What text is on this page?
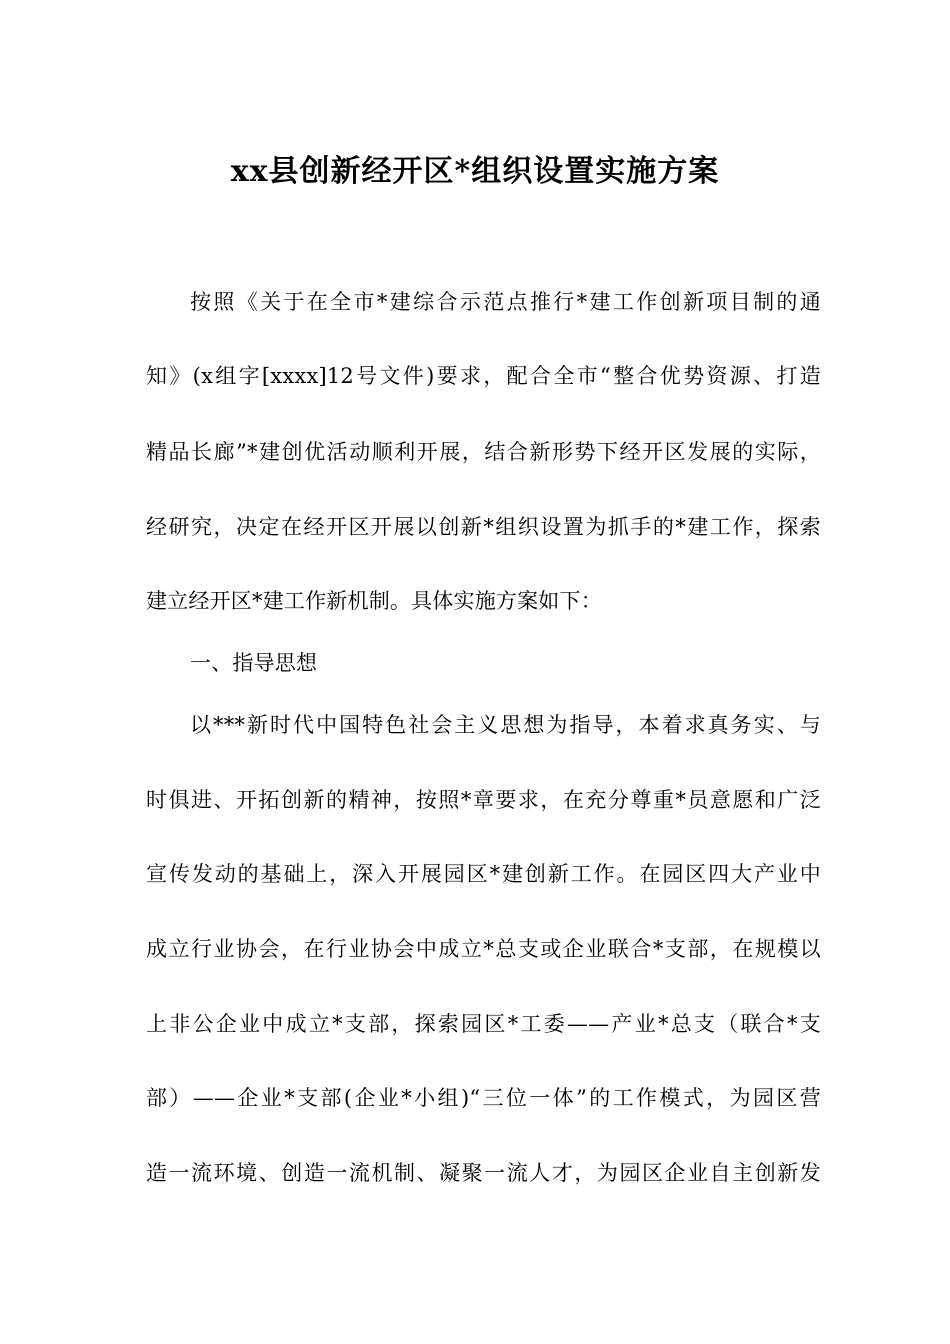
xx县创新经开区*组织设置实施方案
按照《关于在全市*建综合示范点推行*建工作创新项目制的通
知》(x组字[xxxx]12号文件)要求，配合全市“整合优势资源、打造
精品长廊”*建创优活动顺利开展，结合新形势下经开区发展的实际，
经研究，决定在经开区开展以创新*组织设置为抓手的*建工作，探索
建立经开区*建工作新机制。具体实施方案如下：
一、指导思想
以***新时代中国特色社会主义思想为指导，本着求真务实、与
时俱进、开拓创新的精神，按照*章要求，在充分尊重*员意愿和广泛
宣传发动的基础上，深入开展园区*建创新工作。在园区四大产业中
成立行业协会，在行业协会中成立*总支或企业联合*支部，在规模以
上非公企业中成立*支部，探索园区*工委——产业*总支（联合*支
部）——企业*支部(企业*小组)“三位一体”的工作模式，为园区营
造一流环境、创造一流机制、凝聚一流人才，为园区企业自主创新发
